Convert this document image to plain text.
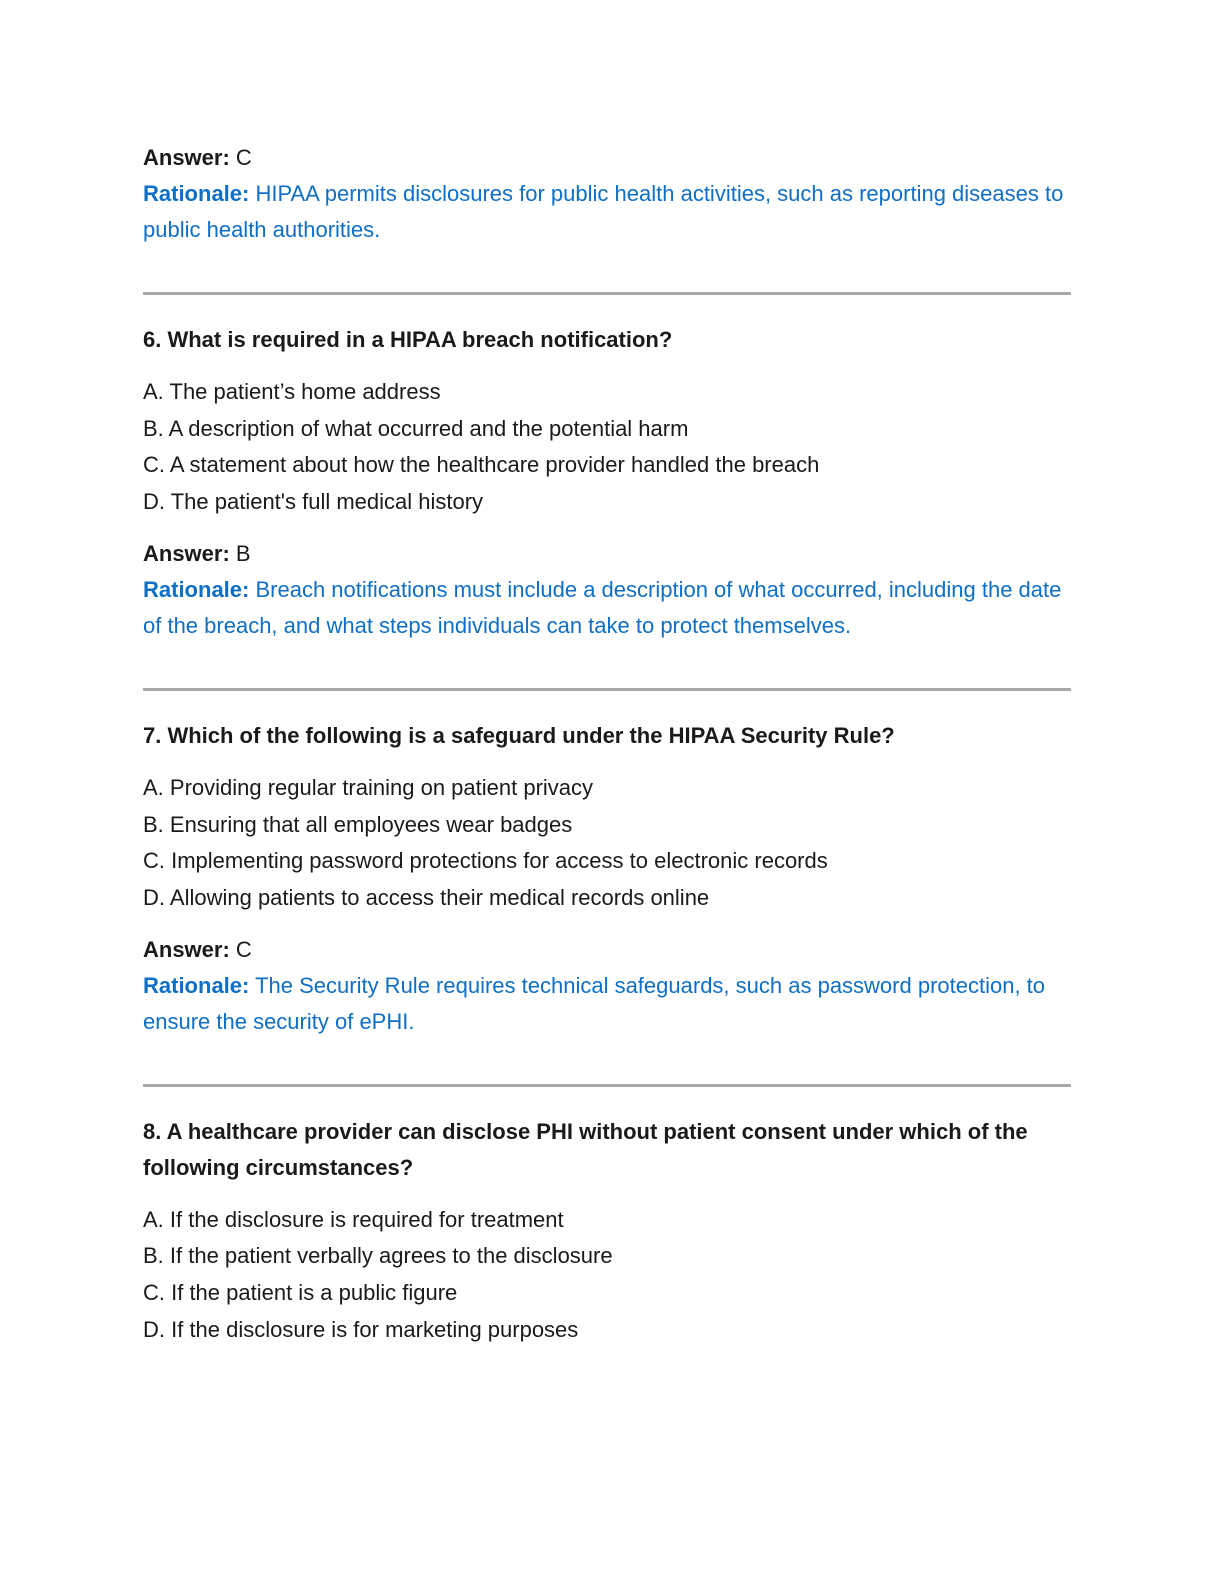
Answer: C

Rationale: HIPAA permits disclosures for public health activities, such as reporting diseases to public health authorities.

6. What is required in a HIPAA breach notification?

A. The patient’s home address
B. A description of what occurred and the potential harm
C. A statement about how the healthcare provider handled the breach
D. The patient's full medical history

Answer: B

Rationale: Breach notifications must include a description of what occurred, including the date of the breach, and what steps individuals can take to protect themselves.

7. Which of the following is a safeguard under the HIPAA Security Rule?

A. Providing regular training on patient privacy
B. Ensuring that all employees wear badges
C. Implementing password protections for access to electronic records
D. Allowing patients to access their medical records online

Answer: C

Rationale: The Security Rule requires technical safeguards, such as password protection, to ensure the security of ePHI.

8. A healthcare provider can disclose PHI without patient consent under which of the following circumstances?

A. If the disclosure is required for treatment
B. If the patient verbally agrees to the disclosure
C. If the patient is a public figure
D. If the disclosure is for marketing purposes
